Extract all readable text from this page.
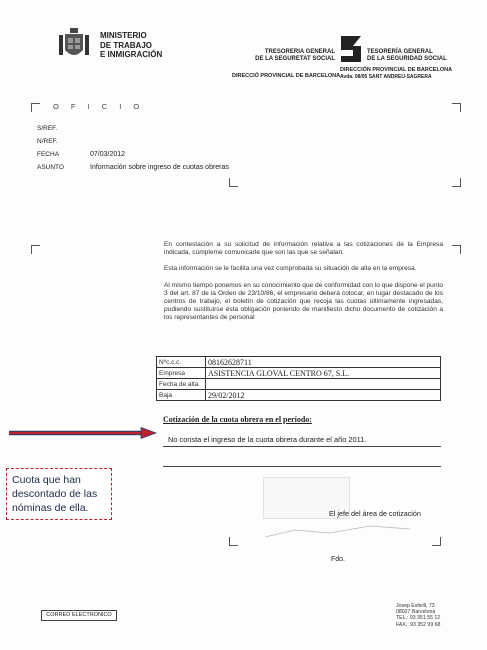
MINISTERIO
DE TRABAJO
E INMIGRACIÓN	TRESORERIA GENERAL
DE LA SEGURETAT SOCIAL
TESORERÍA GENERAL
DE LA SEGURIDAD SOCIAL
DIRECCIÓ PROVINCIAL DE BARCELONA
DIRECCIÓN PROVINCIAL DE BARCELONA
Avda. 08/05 SANT ANDREU-SAGRERA
O F I C I O
S/REF.
N/REF.
FECHA	07/03/2012
ASUNTO	Información sobre ingreso de cuotas obreras

En contestación a su solicitud de información relativa a las cotizaciones de la Empresa indicada, cúmpleme comunicarle que son las que se señalan.

Esta información se le facilita una vez comprobada su situación de alta en la empresa.

Al mismo tiempo ponemos en su conocimiento que de conformidad con lo que dispone el punto 3 del art. 87 de la Orden de 23/10/86, el empresario deberá colocar, en lugar destacado de los centros de trabajo, el boletín de cotización que recoja las cuotas últimamente ingresadas, pudiendo sustituirse ésta obligación poniendo de manifiesto dicho documento de cotización a los representantes de personal

Nºc.c.c.	08162628711
Empresa	ASISTENCIA GLOVAL CENTRO 67, S.L.
Fecha de alta	
Baja	29/02/2012
Cotización de la cuota obrera en el período:
No consta el ingreso de la cuota obrera durante el año 2011.
Cuota que han
descontado de las
nóminas de ella.	El jefe del área de cotización
Fdo.
CORREO ELECTRONICO
Josep Estivill, 73
08027 Barcelona
TEL.: 93 351 55 12
FAX.: 93 352 99 68
